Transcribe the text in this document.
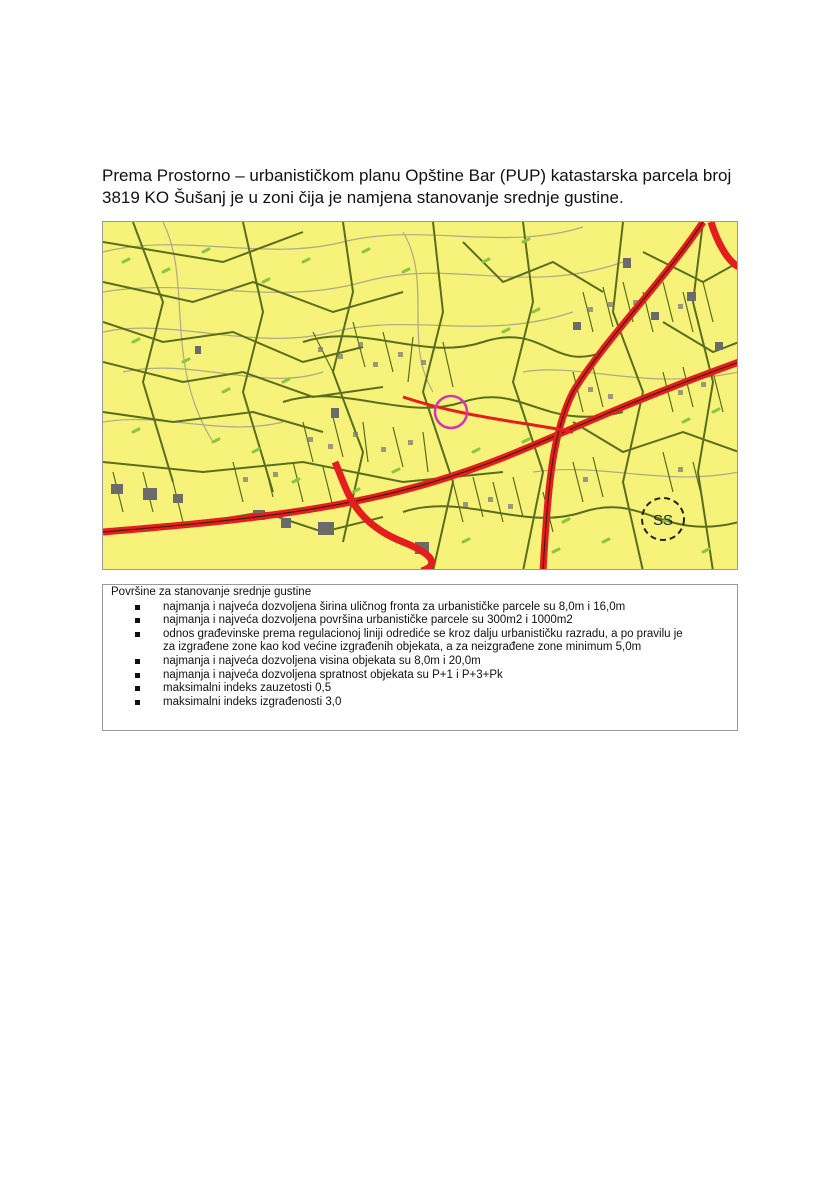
Prema Prostorno – urbanističkom planu Opštine Bar (PUP) katastarska parcela broj
3819 KO Šušanj je u zoni čija je namjena stanovanje srednje gustine.

SS
Površine za stanovanje srednje gustine
najmanja i najveća dozvoljena širina uličnog fronta za urbanističke parcele su 8,0m i 16,0m
najmanja i najveća dozvoljena površina urbanističke parcele su 300m2 i 1000m2
odnos građevinske prema regulacionoj liniji odrediće se kroz dalju urbanističku razradu, a po pravilu je za izgrađene zone kao kod većine izgrađenih objekata, a za neizgrađene zone minimum 5,0m
najmanja i najveća dozvoljena visina objekata su 8,0m i 20,0m
najmanja i najveća dozvoljena spratnost objekata su P+1 i P+3+Pk
maksimalni indeks zauzetosti 0,5
maksimalni indeks izgrađenosti 3,0
